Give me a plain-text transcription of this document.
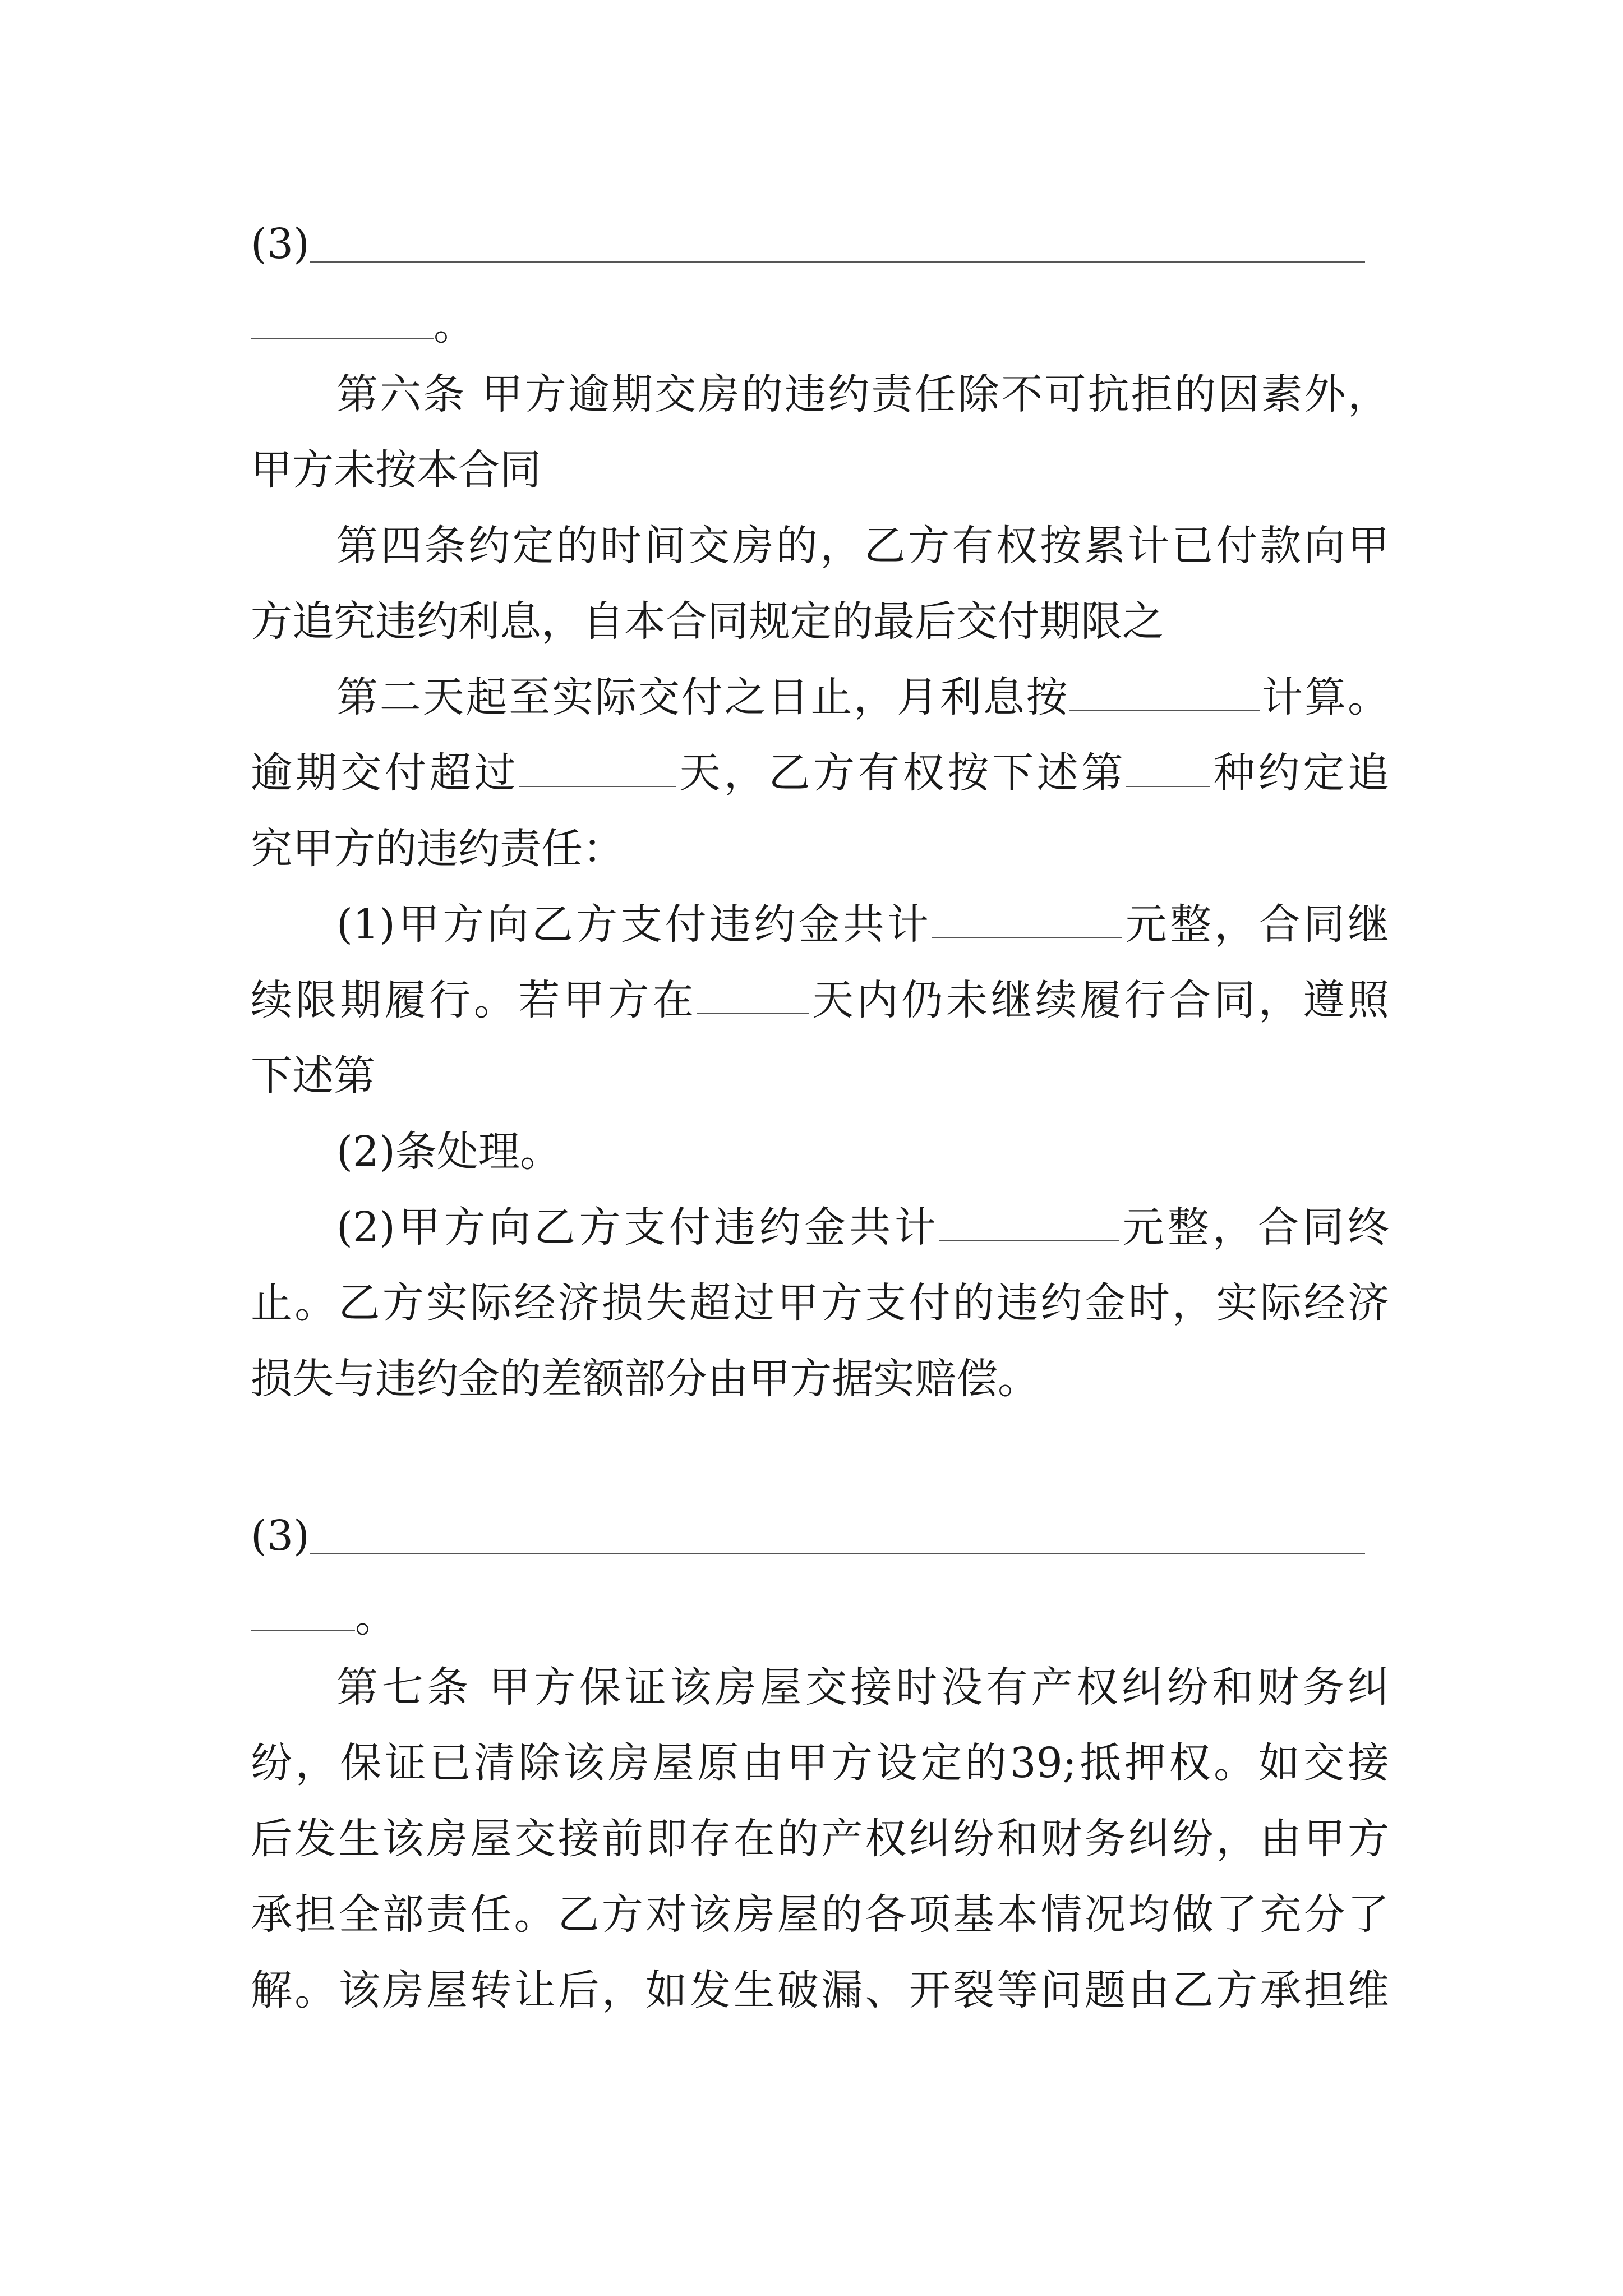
(3)
。
第六条 甲方逾期交房的违约责任除不可抗拒的因素外，
甲方未按本合同
第四条约定的时间交房的，乙方有权按累计已付款向甲
方追究违约利息，自本合同规定的最后交付期限之
第二天起至实际交付之日止，月利息按	计算。
逾期交付超过	天，乙方有权按下述第 种约定追
究甲方的违约责任：
(1)甲方向乙方支付违约金共计	元整，合同继
续限期履行。若甲方在	天内仍未继续履行合同，遵照
下述第
(2)条处理。
(2)甲方向乙方支付违约金共计	元整，合同终
止。乙方实际经济损失超过甲方支付的违约金时，实际经济
损失与违约金的差额部分由甲方据实赔偿。
(3)
。
第七条 甲方保证该房屋交接时没有产权纠纷和财务纠
纷，保证已清除该房屋原由甲方设定的39;抵押权。如交接
后发生该房屋交接前即存在的产权纠纷和财务纠纷，由甲方
承担全部责任。乙方对该房屋的各项基本情况均做了充分了
解。该房屋转让后，如发生破漏、开裂等问题由乙方承担维
